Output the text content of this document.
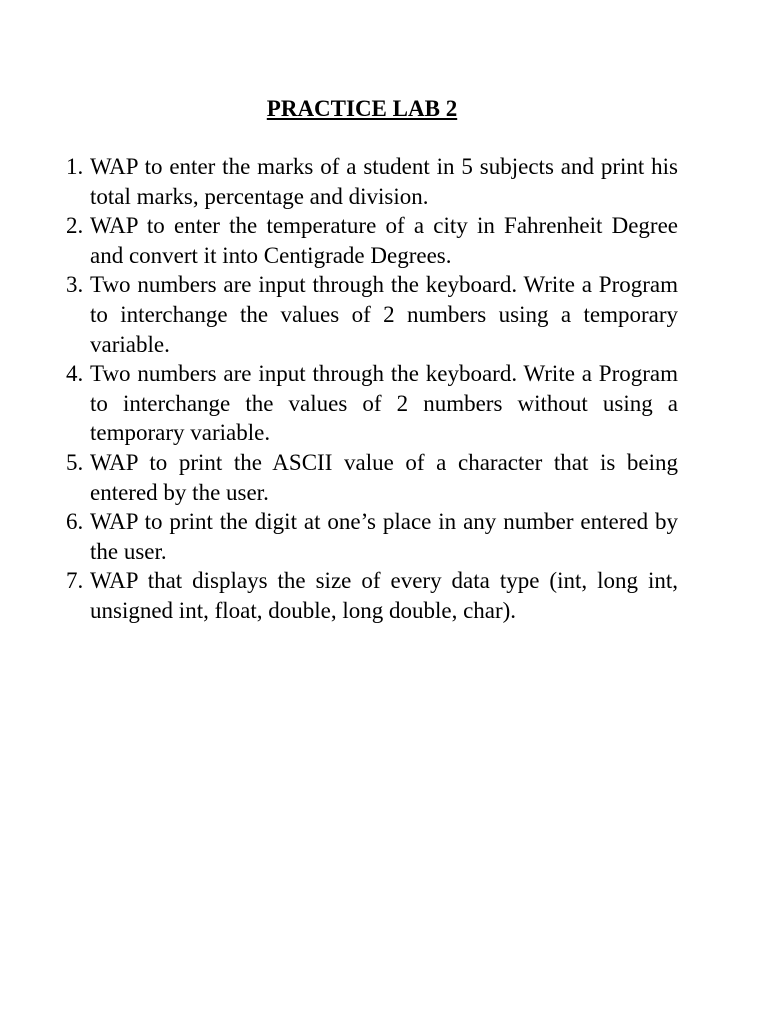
PRACTICE LAB 2
1. WAP to enter the marks of a student in 5 subjects and print his total marks, percentage and division.
2. WAP to enter the temperature of a city in Fahrenheit Degree and convert it into Centigrade Degrees.
3. Two numbers are input through the keyboard. Write a Program to interchange the values of 2 numbers using a temporary variable.
4. Two numbers are input through the keyboard. Write a Program to interchange the values of 2 numbers without using a temporary variable.
5. WAP to print the ASCII value of a character that is being entered by the user.
6. WAP to print the digit at one’s place in any number entered by the user.
7. WAP that displays the size of every data type (int, long int, unsigned int, float, double, long double, char).
